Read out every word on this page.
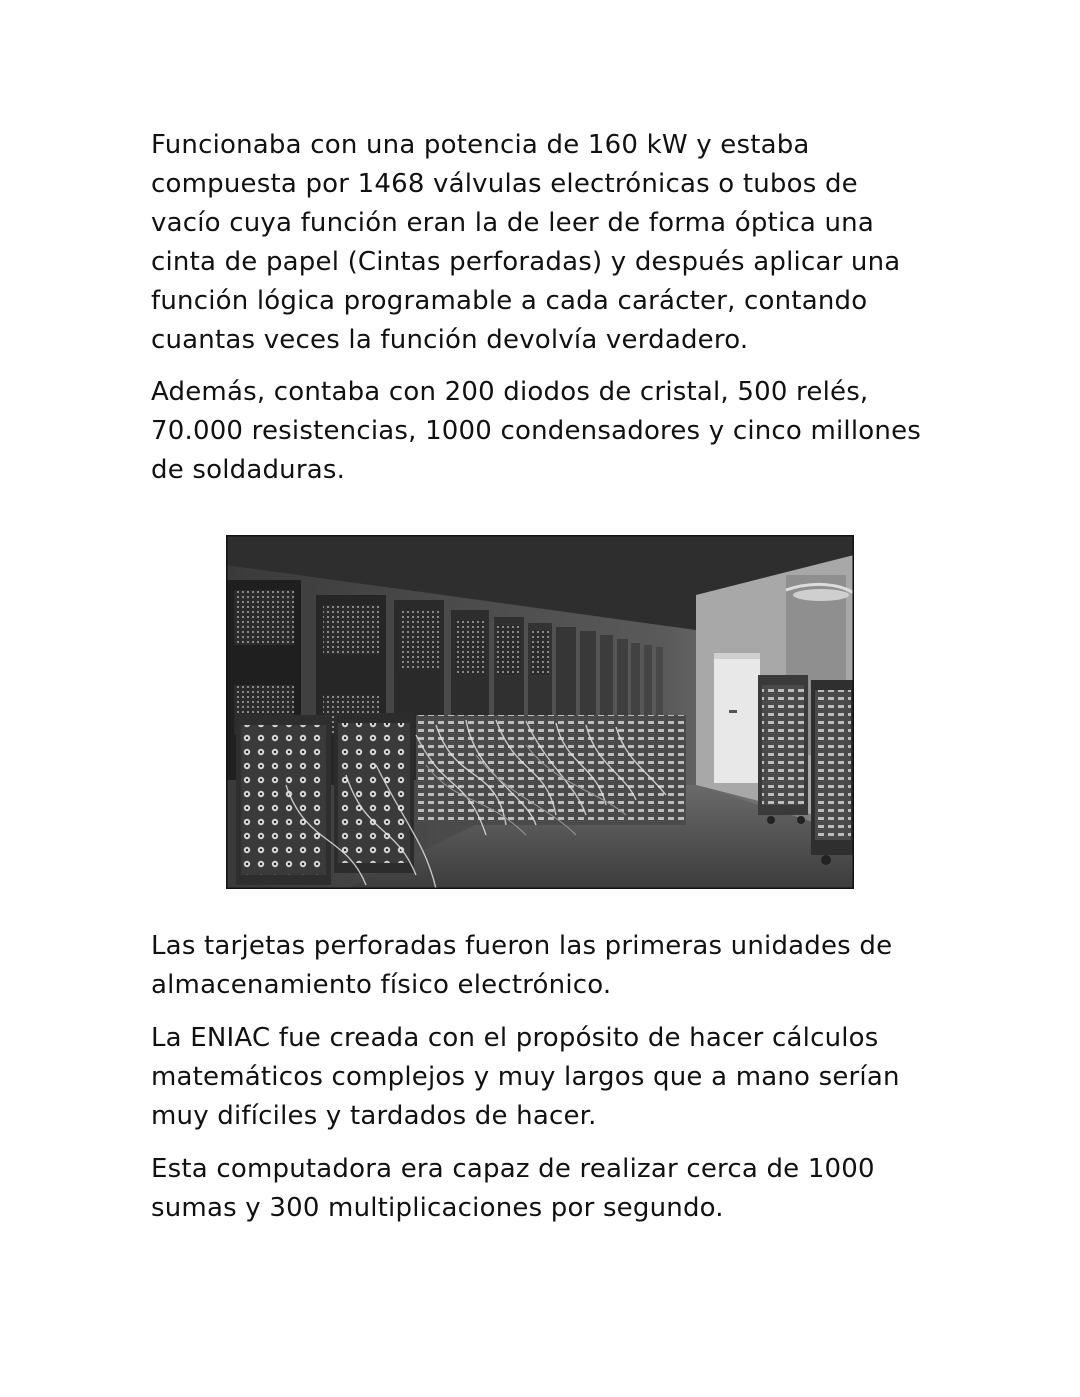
Funcionaba con una potencia de 160 kW y estaba
compuesta por 1468 válvulas electrónicas o tubos de
vacío cuya función eran la de leer de forma óptica una
cinta de papel (Cintas perforadas) y después aplicar una
función lógica programable a cada carácter, contando
cuantas veces la función devolvía verdadero.

Además, contaba con 200 diodos de cristal, 500 relés,
70.000 resistencias, 1000 condensadores y cinco millones
de soldaduras.

Las tarjetas perforadas fueron las primeras unidades de
almacenamiento físico electrónico.

La ENIAC fue creada con el propósito de hacer cálculos
matemáticos complejos y muy largos que a mano serían
muy difíciles y tardados de hacer.

Esta computadora era capaz de realizar cerca de 1000
sumas y 300 multiplicaciones por segundo.
